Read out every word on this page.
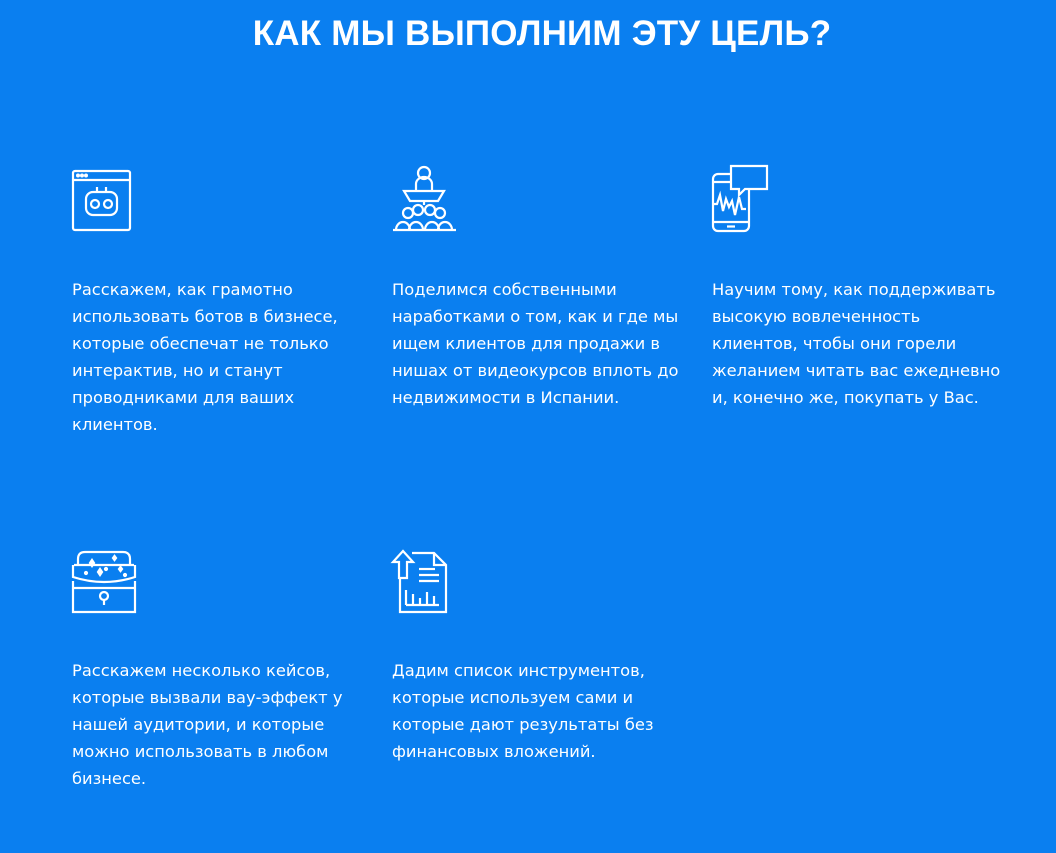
КАК МЫ ВЫПОЛНИМ ЭТУ ЦЕЛЬ?
Расскажем, как грамотно
использовать ботов в бизнесе,
которые обеспечат не только
интерактив, но и станут
проводниками для ваших
клиентов.
Поделимся собственными
наработками о том, как и где мы
ищем клиентов для продажи в
нишах от видеокурсов вплоть до
недвижимости в Испании.
Научим тому, как поддерживать
высокую вовлеченность
клиентов, чтобы они горели
желанием читать вас ежедневно
и, конечно же, покупать у Вас.
Расскажем несколько кейсов,
которые вызвали вау-эффект у
нашей аудитории, и которые
можно использовать в любом
бизнесе.
Дадим список инструментов,
которые используем сами и
которые дают результаты без
финансовых вложений.
